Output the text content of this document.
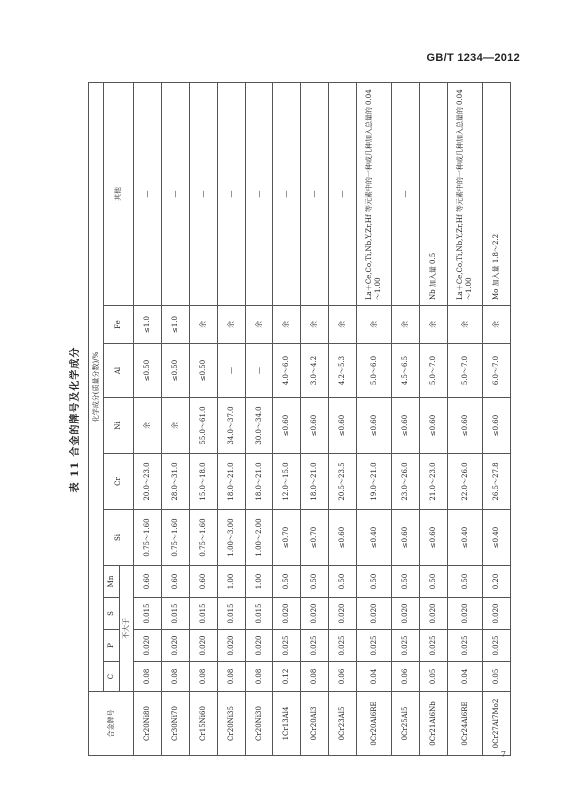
GB/T 1234—2012
表 11 合金的牌号及化学成分
合金牌号	化学成分(质量分数)/%									
	C	P	S	Mn	Si	Cr	Ni	Al	Fe	其他
	不大于									
Cr20Ni80	0.08	0.020	0.015	0.60	0.75～1.60	20.0～23.0	余	≤0.50	≤1.0	—
Cr30Ni70	0.08	0.020	0.015	0.60	0.75～1.60	28.0～31.0	余	≤0.50	≤1.0	—
Cr15Ni60	0.08	0.020	0.015	0.60	0.75～1.60	15.0～18.0	55.0～61.0	≤0.50	余	—
Cr20Ni35	0.08	0.020	0.015	1.00	1.00～3.00	18.0～21.0	34.0～37.0	—	余	—
Cr20Ni30	0.08	0.020	0.015	1.00	1.00～2.00	18.0～21.0	30.0～34.0	—	余	—
1Cr13Al4	0.12	0.025	0.020	0.50	≤0.70	12.0～15.0	≤0.60	4.0～6.0	余	—
0Cr20Al3	0.08	0.025	0.020	0.50	≤0.70	18.0～21.0	≤0.60	3.0～4.2	余	—
0Cr23Al5	0.06	0.025	0.020	0.50	≤0.60	20.5～23.5	≤0.60	4.2～5.3	余	—
0Cr20Al6RE	0.04	0.025	0.020	0.50	≤0.40	19.0～21.0	≤0.60	5.0～6.0	余	La＋Ce,Co,Ti,Nb,Y,Zr,Hf 等元素中的一种或几种加入总量的 0.04～1.00
0Cr25Al5	0.06	0.025	0.020	0.50	≤0.60	23.0～26.0	≤0.60	4.5～6.5	余	—
0Cr21Al6Nb	0.05	0.025	0.020	0.50	≤0.60	21.0～23.0	≤0.60	5.0～7.0	余	Nb 加入量 0.5
0Cr24Al6RE	0.04	0.025	0.020	0.50	≤0.40	22.0～26.0	≤0.60	5.0～7.0	余	La＋Ce,Co,Ti,Nb,Y,Zr,Hf 等元素中的一种或几种加入总量的 0.04～1.00
0Cr27Al7Mo2	0.05	0.025	0.020	0.20	≤0.40	26.5～27.8	≤0.60	6.0～7.0	余	Mo 加入量 1.8～2.2
7
